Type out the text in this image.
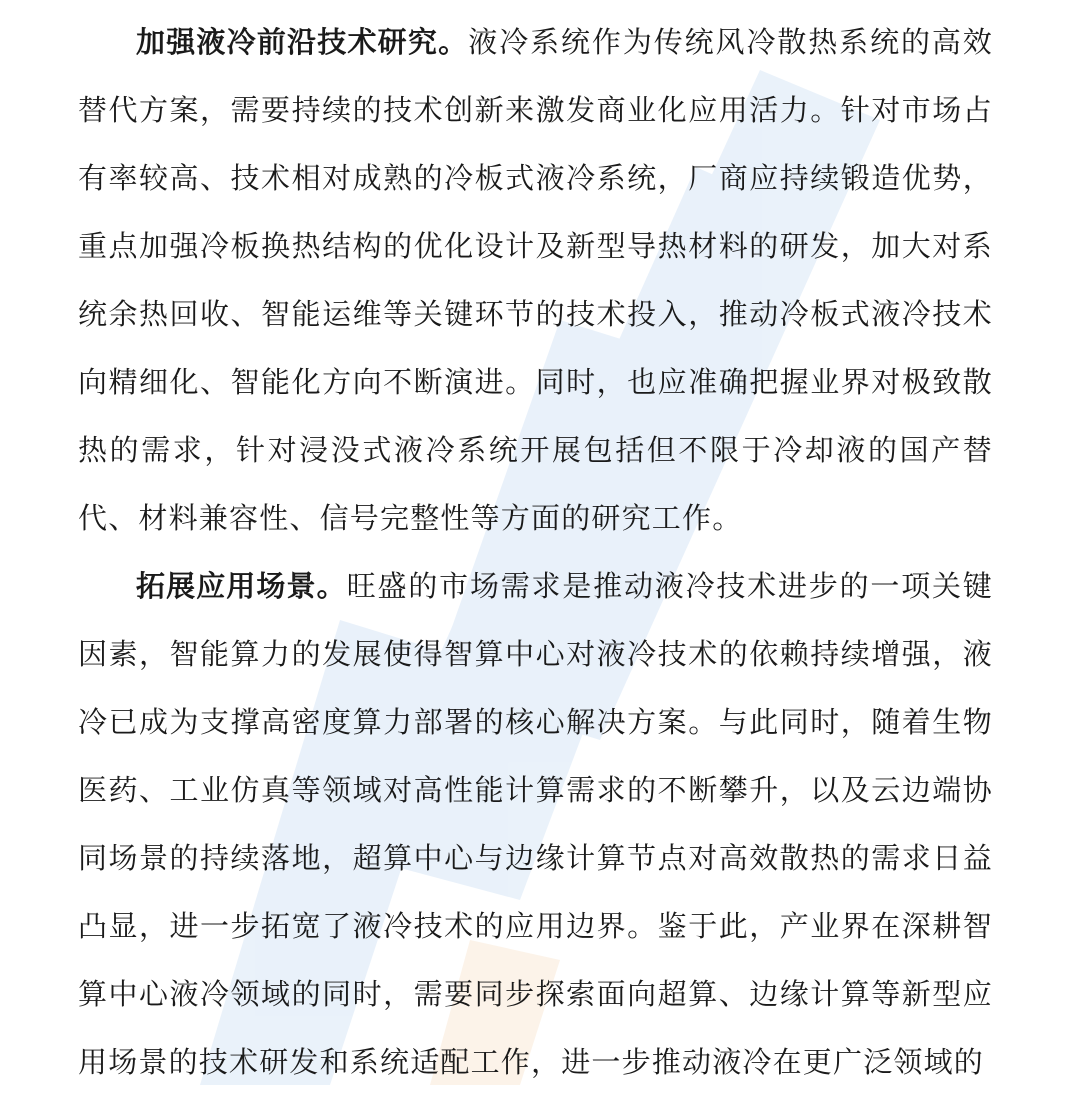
加强液冷前沿技术研究。液冷系统作为传统风冷散热系统的高效替代方案，需要持续的技术创新来激发商业化应用活力。针对市场占有率较高、技术相对成熟的冷板式液冷系统，厂商应持续锻造优势，重点加强冷板换热结构的优化设计及新型导热材料的研发，加大对系统余热回收、智能运维等关键环节的技术投入，推动冷板式液冷技术向精细化、智能化方向不断演进。同时，也应准确把握业界对极致散热的需求，针对浸没式液冷系统开展包括但不限于冷却液的国产替代、材料兼容性、信号完整性等方面的研究工作。

拓展应用场景。旺盛的市场需求是推动液冷技术进步的一项关键因素，智能算力的发展使得智算中心对液冷技术的依赖持续增强，液冷已成为支撑高密度算力部署的核心解决方案。与此同时，随着生物医药、工业仿真等领域对高性能计算需求的不断攀升，以及云边端协同场景的持续落地，超算中心与边缘计算节点对高效散热的需求日益凸显，进一步拓宽了液冷技术的应用边界。鉴于此，产业界在深耕智算中心液冷领域的同时，需要同步探索面向超算、边缘计算等新型应用场景的技术研发和系统适配工作，进一步推动液冷在更广泛领域的
